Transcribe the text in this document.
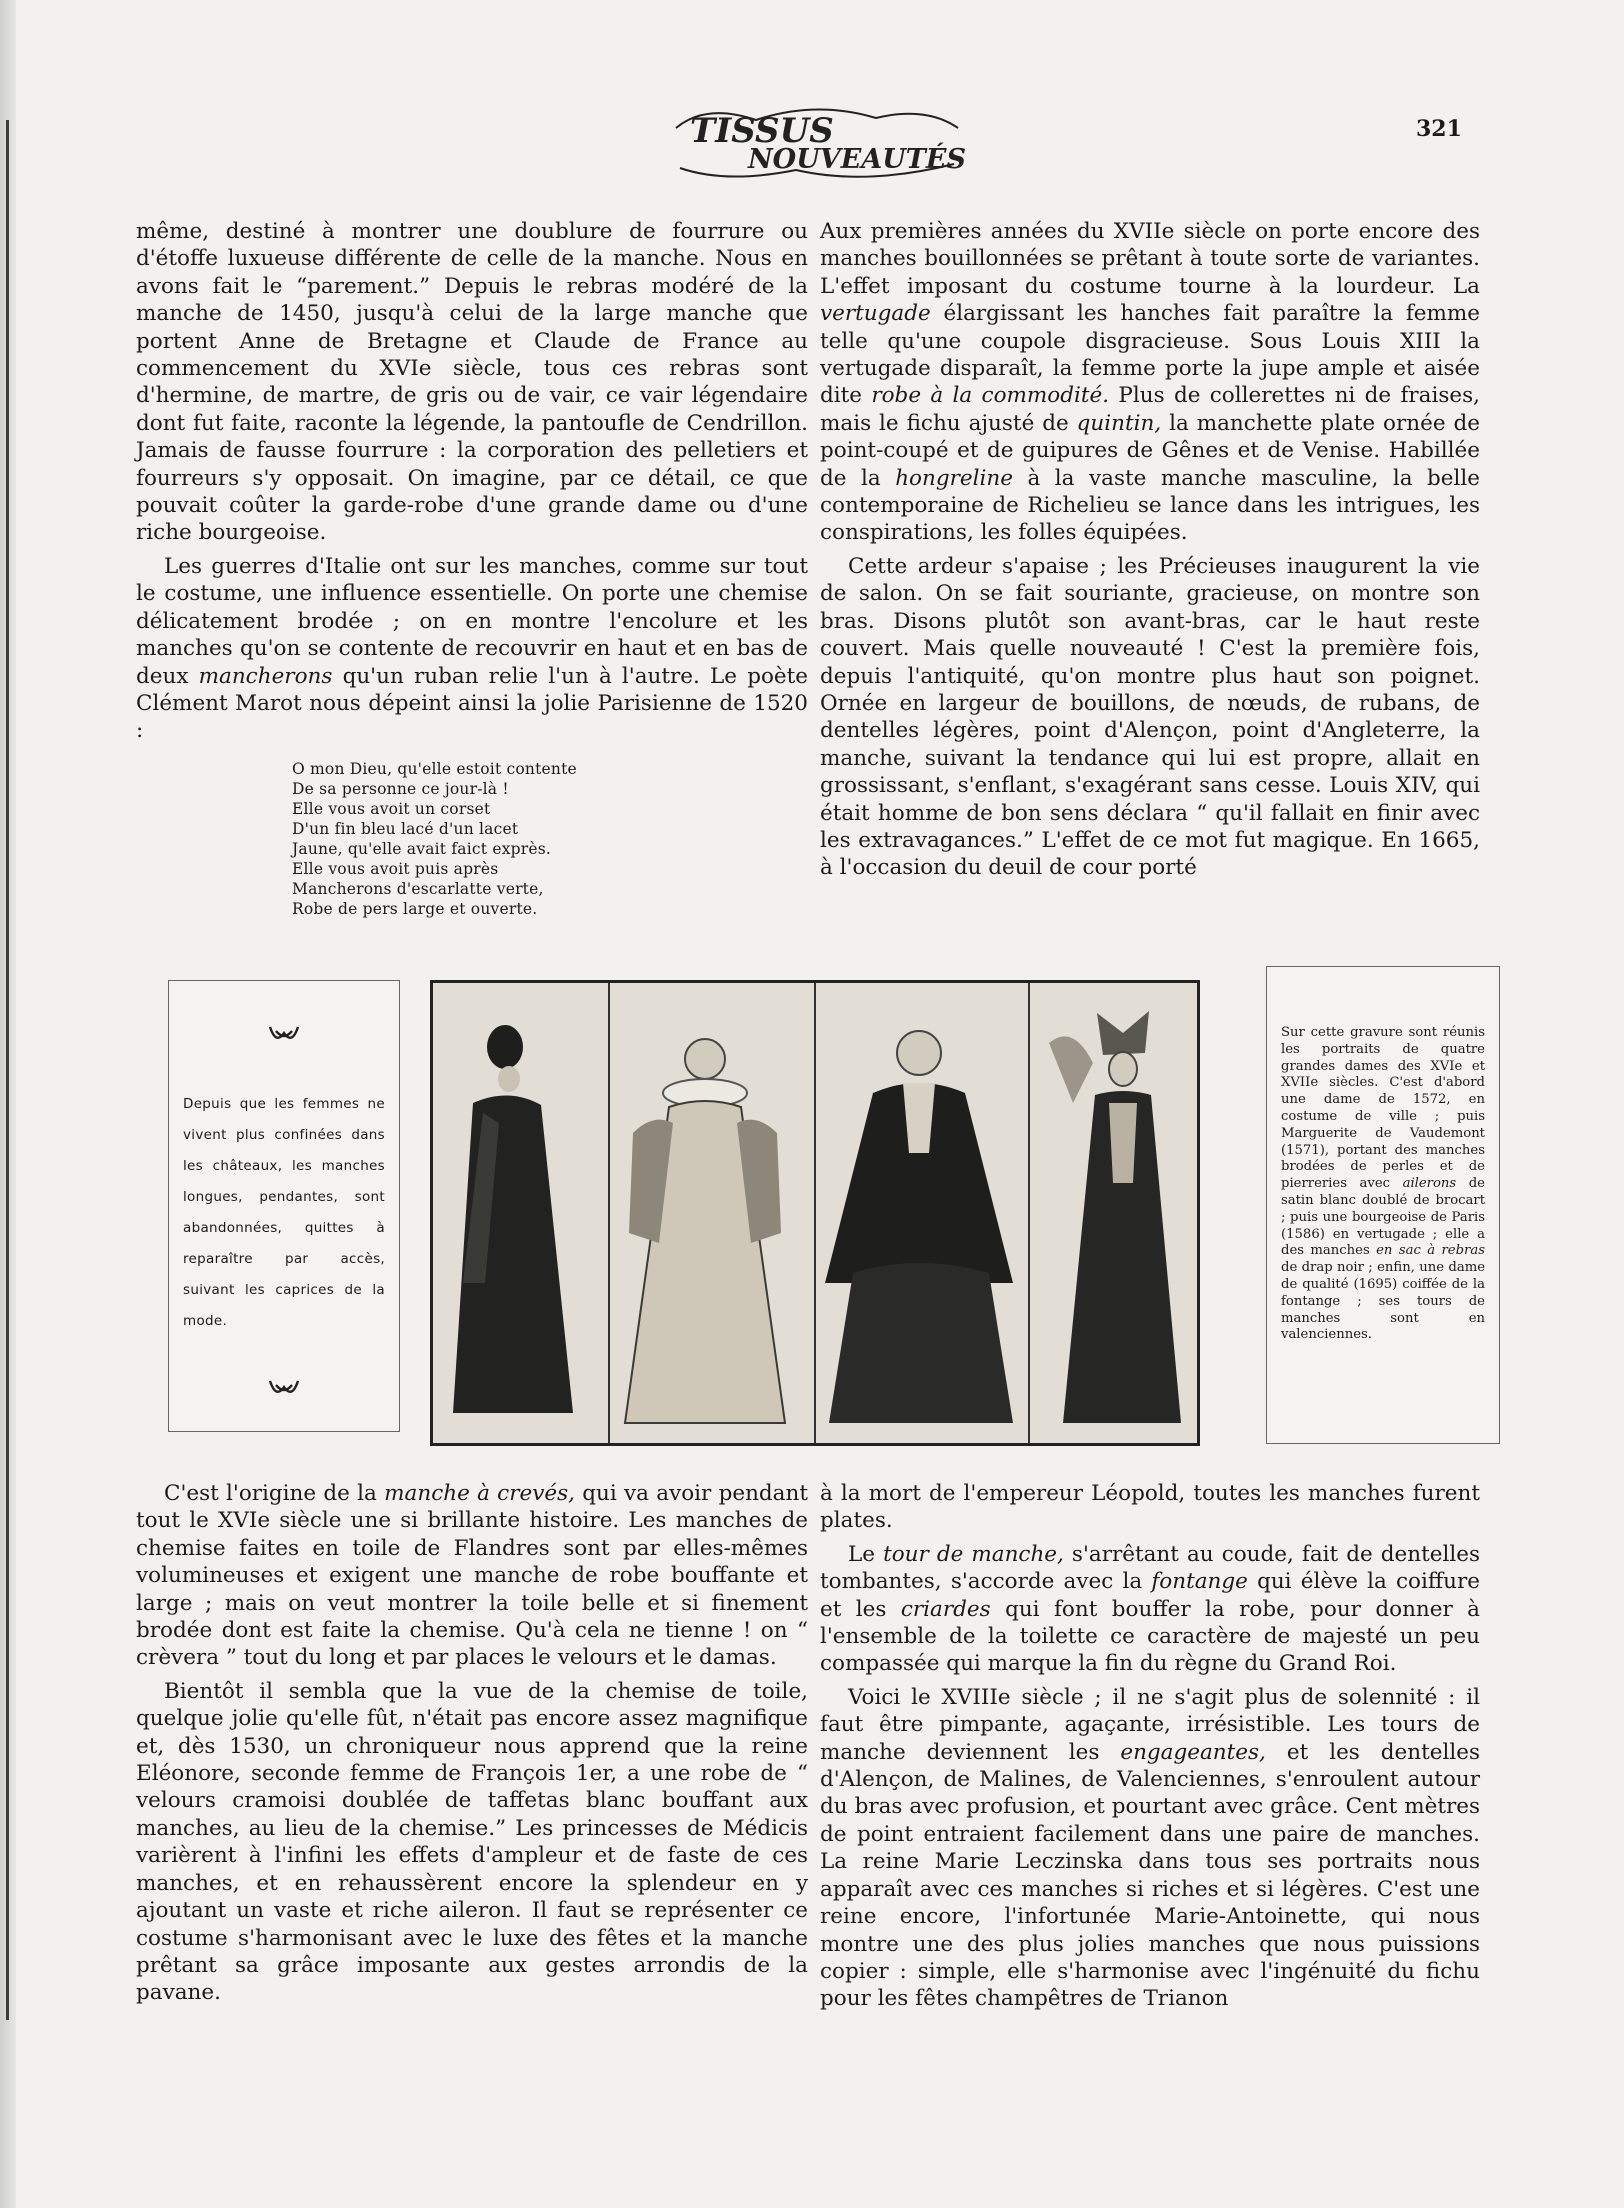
TISSUS
NOUVEAUTÉS
321

même, destiné à montrer une doublure de fourrure ou d'étoffe luxueuse différente de celle de la manche. Nous en avons fait le “parement.” Depuis le rebras modéré de la manche de 1450, jusqu'à celui de la large manche que portent Anne de Bretagne et Claude de France au commencement du XVIe siècle, tous ces rebras sont d'hermine, de martre, de gris ou de vair, ce vair légendaire dont fut faite, raconte la légende, la pantoufle de Cendrillon. Jamais de fausse fourrure : la corporation des pelletiers et fourreurs s'y opposait. On imagine, par ce détail, ce que pouvait coûter la garde-robe d'une grande dame ou d'une riche bourgeoise.

Les guerres d'Italie ont sur les manches, comme sur tout le costume, une influence essentielle. On porte une chemise délicatement brodée ; on en montre l'encolure et les manches qu'on se contente de recouvrir en haut et en bas de deux mancherons qu'un ruban relie l'un à l'autre. Le poète Clément Marot nous dépeint ainsi la jolie Parisienne de 1520 :

O mon Dieu, qu'elle estoit contente
De sa personne ce jour-là !
Elle vous avoit un corset
D'un fin bleu lacé d'un lacet
Jaune, qu'elle avait faict exprès.
Elle vous avoit puis après
Mancherons d'escarlatte verte,
Robe de pers large et ouverte.

Aux premières années du XVIIe siècle on porte encore des manches bouillonnées se prêtant à toute sorte de variantes. L'effet imposant du costume tourne à la lourdeur. La vertugade élargissant les hanches fait paraître la femme telle qu'une coupole disgracieuse. Sous Louis XIII la vertugade disparaît, la femme porte la jupe ample et aisée dite robe à la commodité. Plus de collerettes ni de fraises, mais le fichu ajusté de quintin, la manchette plate ornée de point-coupé et de guipures de Gênes et de Venise. Habillée de la hongreline à la vaste manche masculine, la belle contemporaine de Richelieu se lance dans les intrigues, les conspirations, les folles équipées.

Cette ardeur s'apaise ; les Précieuses inaugurent la vie de salon. On se fait souriante, gracieuse, on montre son bras. Disons plutôt son avant-bras, car le haut reste couvert. Mais quelle nouveauté ! C'est la première fois, depuis l'antiquité, qu'on montre plus haut son poignet. Ornée en largeur de bouillons, de nœuds, de rubans, de dentelles légères, point d'Alençon, point d'Angleterre, la manche, suivant la tendance qui lui est propre, allait en grossissant, s'enflant, s'exagérant sans cesse. Louis XIV, qui était homme de bon sens déclara “ qu'il fallait en finir avec les extravagances.” L'effet de ce mot fut magique. En 1665, à l'occasion du deuil de cour porté

Depuis que les femmes ne vivent plus confinées dans les châteaux, les manches longues, pendantes, sont abandonnées, quittes à reparaître par accès, suivant les caprices de la mode.
Sur cette gravure sont réunis les portraits de quatre grandes dames des XVIe et XVIIe siècles. C'est d'abord une dame de 1572, en costume de ville ; puis Marguerite de Vaudemont (1571), portant des manches brodées de perles et de pierreries avec ailerons de satin blanc doublé de brocart ; puis une bourgeoise de Paris (1586) en vertugade ; elle a des manches en sac à rebras de drap noir ; enfin, une dame de qualité (1695) coiffée de la fontange ; ses tours de manches sont en valenciennes.

C'est l'origine de la manche à crevés, qui va avoir pendant tout le XVIe siècle une si brillante histoire. Les manches de chemise faites en toile de Flandres sont par elles-mêmes volumineuses et exigent une manche de robe bouffante et large ; mais on veut montrer la toile belle et si finement brodée dont est faite la chemise. Qu'à cela ne tienne ! on “ crèvera ” tout du long et par places le velours et le damas.

Bientôt il sembla que la vue de la chemise de toile, quelque jolie qu'elle fût, n'était pas encore assez magnifique et, dès 1530, un chroniqueur nous apprend que la reine Eléonore, seconde femme de François 1er, a une robe de “ velours cramoisi doublée de taffetas blanc bouffant aux manches, au lieu de la chemise.” Les princesses de Médicis varièrent à l'infini les effets d'ampleur et de faste de ces manches, et en rehaussèrent encore la splendeur en y ajoutant un vaste et riche aileron. Il faut se représenter ce costume s'harmonisant avec le luxe des fêtes et la manche prêtant sa grâce imposante aux gestes arrondis de la pavane.

à la mort de l'empereur Léopold, toutes les manches furent plates.

Le tour de manche, s'arrêtant au coude, fait de dentelles tombantes, s'accorde avec la fontange qui élève la coiffure et les criardes qui font bouffer la robe, pour donner à l'ensemble de la toilette ce caractère de majesté un peu compassée qui marque la fin du règne du Grand Roi.

Voici le XVIIIe siècle ; il ne s'agit plus de solennité : il faut être pimpante, agaçante, irrésistible. Les tours de manche deviennent les engageantes, et les dentelles d'Alençon, de Malines, de Valenciennes, s'enroulent autour du bras avec profusion, et pourtant avec grâce. Cent mètres de point entraient facilement dans une paire de manches. La reine Marie Leczinska dans tous ses portraits nous apparaît avec ces manches si riches et si légères. C'est une reine encore, l'infortunée Marie-Antoinette, qui nous montre une des plus jolies manches que nous puissions copier : simple, elle s'harmonise avec l'ingénuité du fichu pour les fêtes champêtres de Trianon
